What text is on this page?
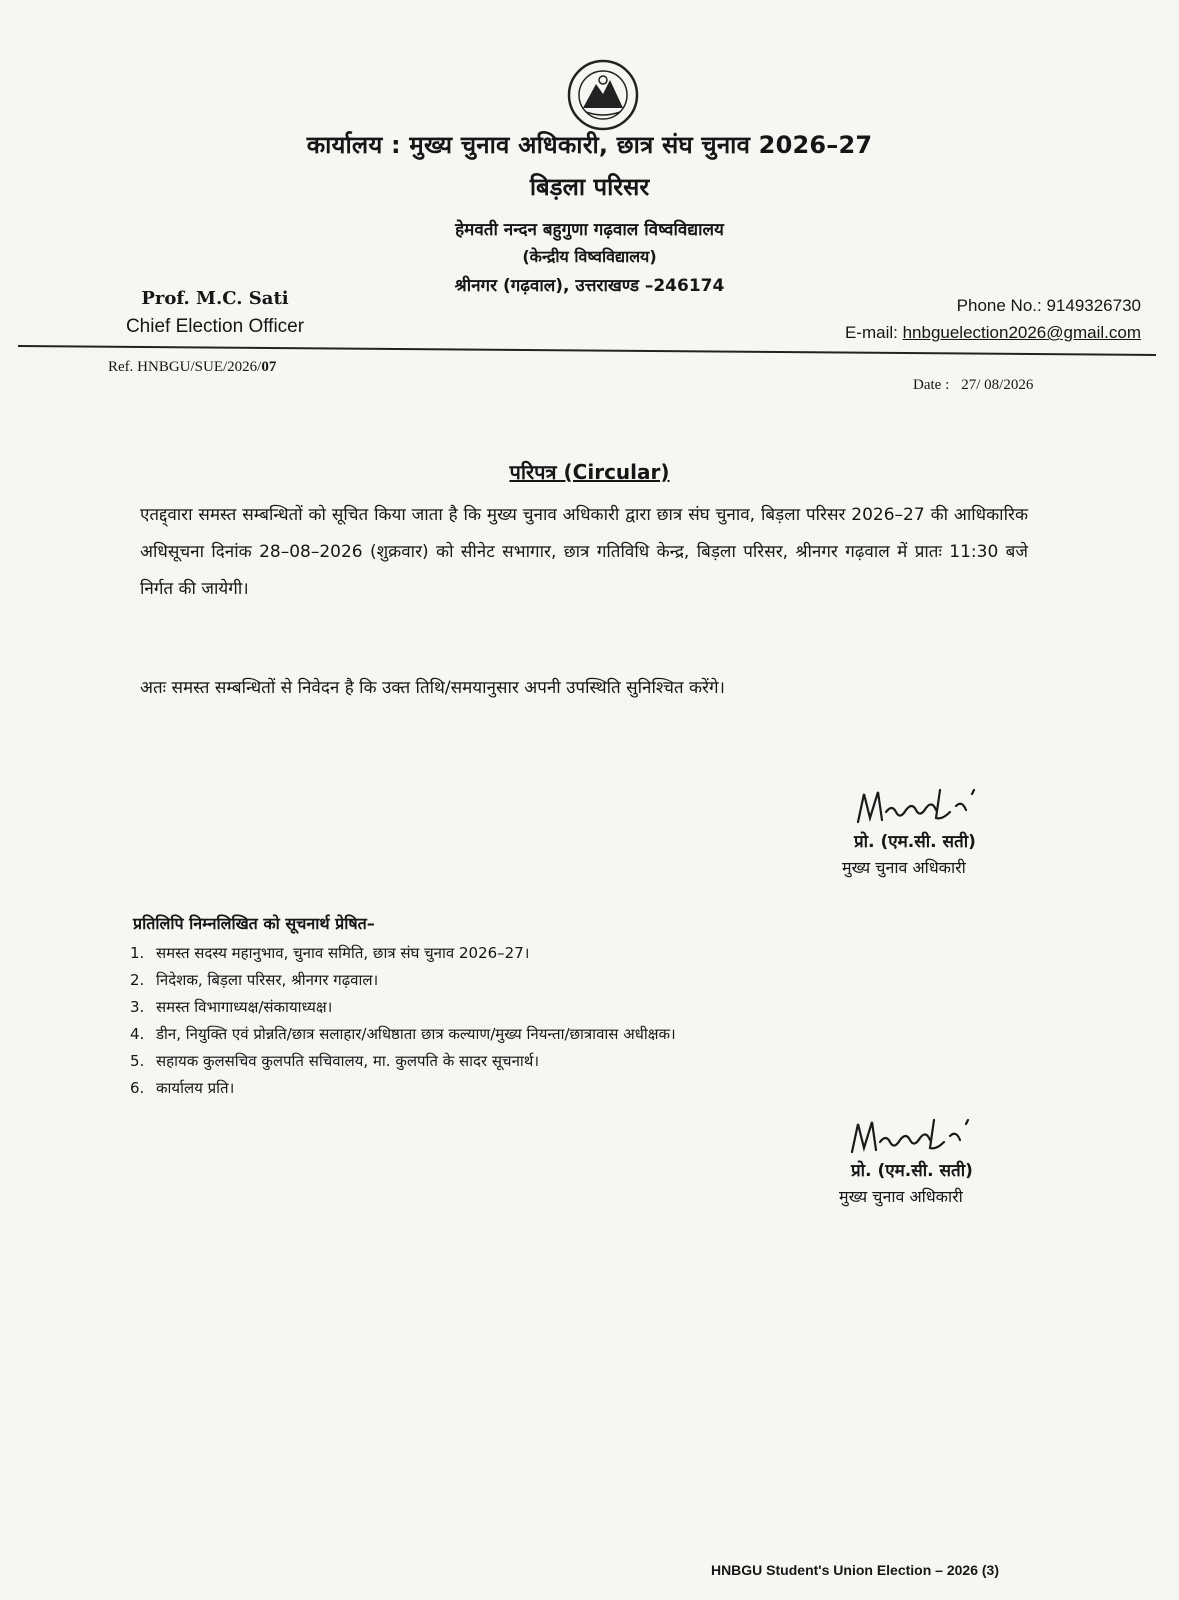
कार्यालय : मुख्य चुनाव अधिकारी, छात्र संघ चुनाव 2026–27
बिड़ला परिसर
हेमवती नन्दन बहुगुणा गढ़वाल विष्वविद्यालय
(केन्द्रीय विष्वविद्यालय)
श्रीनगर (गढ़वाल), उत्तराखण्ड –246174
Prof. M.C. Sati
Chief Election Officer
Phone No.: 9149326730
E-mail: hnbguelection2026@gmail.com
Ref. HNBGU/SUE/2026/07
Date : 27/ 08/2026
परिपत्र (Circular)
एतद्द्वारा समस्त सम्बन्धितों को सूचित किया जाता है कि मुख्य चुनाव अधिकारी द्वारा छात्र संघ चुनाव, बिड़ला परिसर 2026–27 की आधिकारिक अधिसूचना दिनांक 28–08–2026 (शुक्रवार) को सीनेट सभागार, छात्र गतिविधि केन्द्र, बिड़ला परिसर, श्रीनगर गढ़वाल में प्रातः 11:30 बजे निर्गत की जायेगी।
अतः समस्त सम्बन्धितों से निवेदन है कि उक्त तिथि/समयानुसार अपनी उपस्थिति सुनिश्चित करेंगे।
प्रो. (एम.सी. सती)
मुख्य चुनाव अधिकारी
प्रतिलिपि निम्नलिखित को सूचनार्थ प्रेषित–
1. समस्त सदस्य महानुभाव, चुनाव समिति, छात्र संघ चुनाव 2026–27।
2. निदेशक, बिड़ला परिसर, श्रीनगर गढ़वाल।
3. समस्त विभागाध्यक्ष/संकायाध्यक्ष।
4. डीन, नियुक्ति एवं प्रोन्नति/छात्र सलाहार/अधिष्ठाता छात्र कल्याण/मुख्य नियन्ता/छात्रावास अधीक्षक।
5. सहायक कुलसचिव कुलपति सचिवालय, मा. कुलपति के सादर सूचनार्थ।
6. कार्यालय प्रति।
प्रो. (एम.सी. सती)
मुख्य चुनाव अधिकारी
HNBGU Student's Union Election – 2026 (3)
